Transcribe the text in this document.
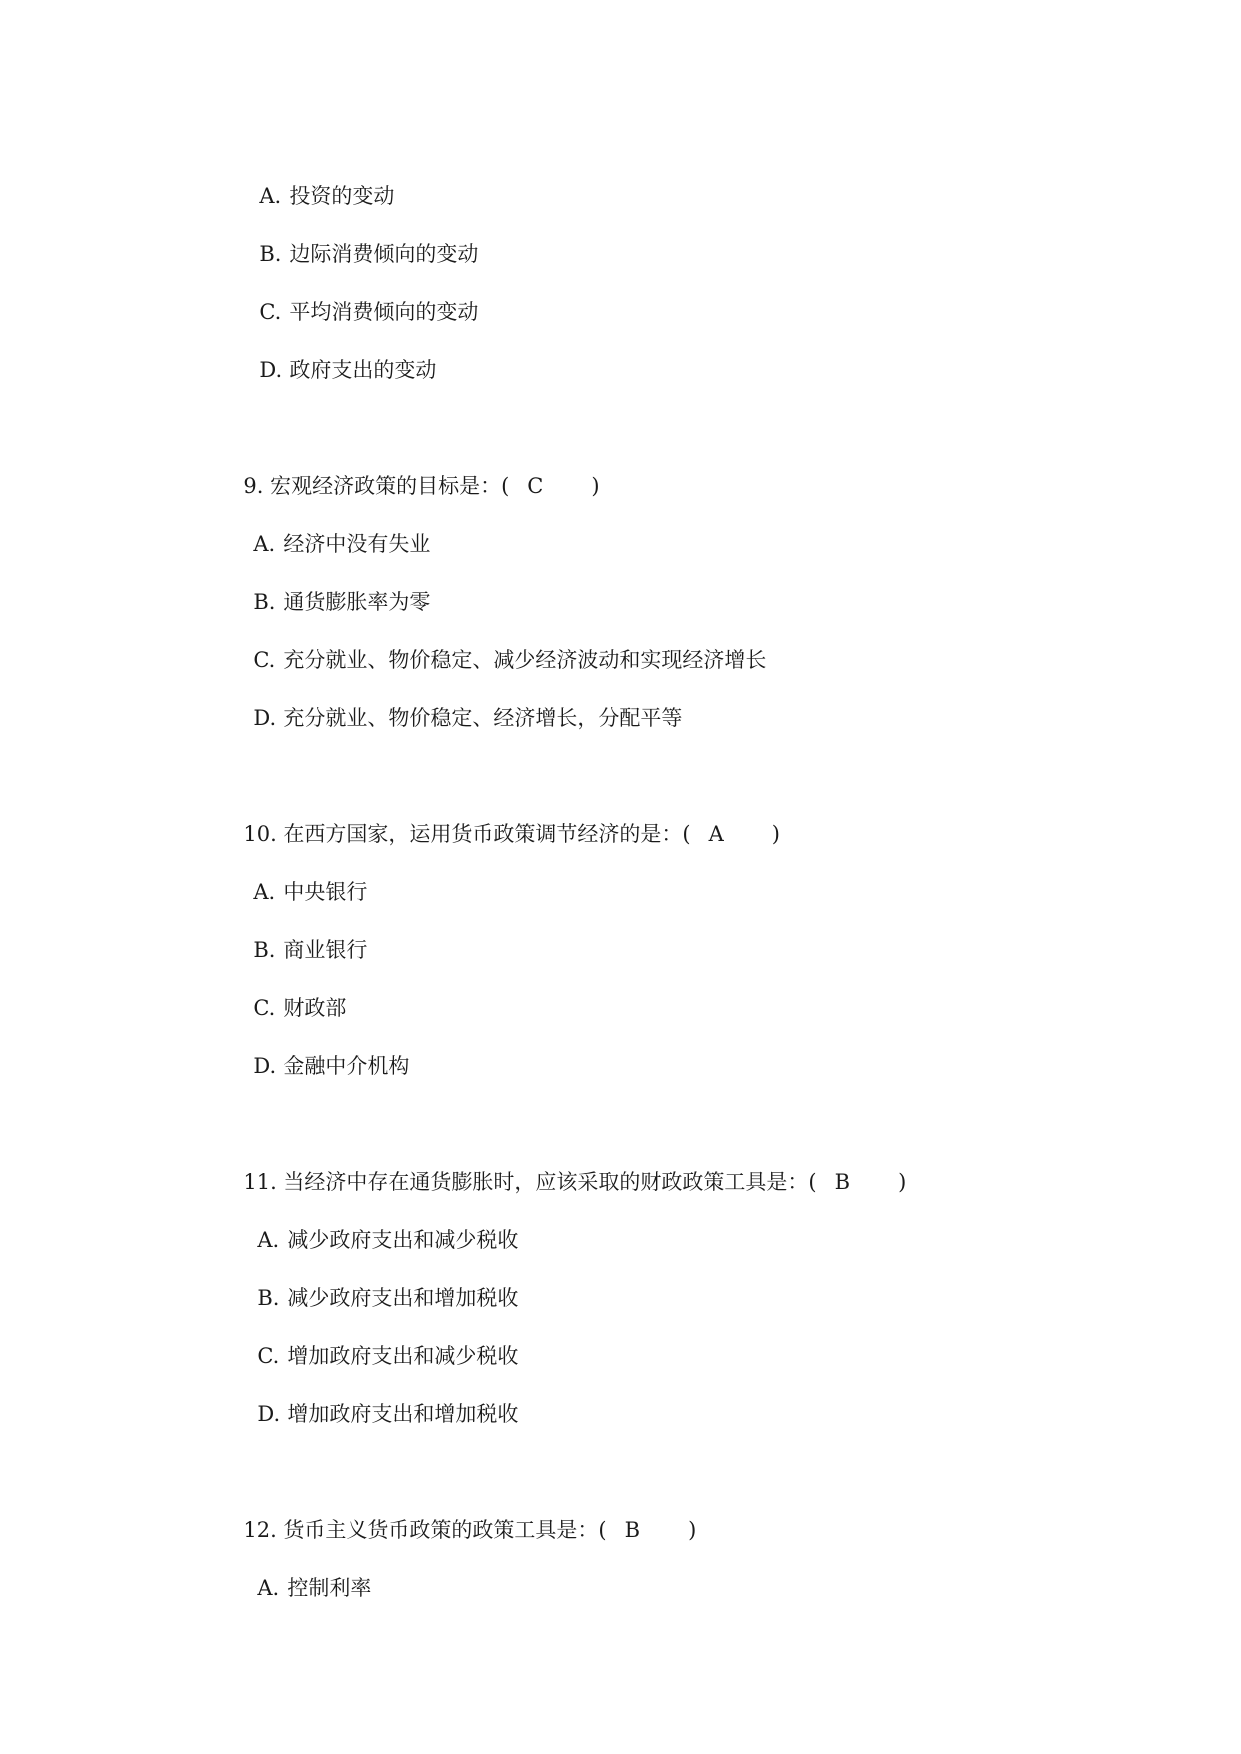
A. 投资的变动

B. 边际消费倾向的变动

C. 平均消费倾向的变动

D. 政府支出的变动

9. 宏观经济政策的目标是：( C )

A. 经济中没有失业

B. 通货膨胀率为零

C. 充分就业、物价稳定、减少经济波动和实现经济增长

D. 充分就业、物价稳定、经济增长，分配平等

10. 在西方国家，运用货币政策调节经济的是：( A )

A. 中央银行

B. 商业银行

C. 财政部

D. 金融中介机构

11. 当经济中存在通货膨胀时，应该采取的财政政策工具是：( B )

A. 减少政府支出和减少税收

B. 减少政府支出和增加税收

C. 增加政府支出和减少税收

D. 增加政府支出和增加税收

12. 货币主义货币政策的政策工具是：( B )

A. 控制利率
